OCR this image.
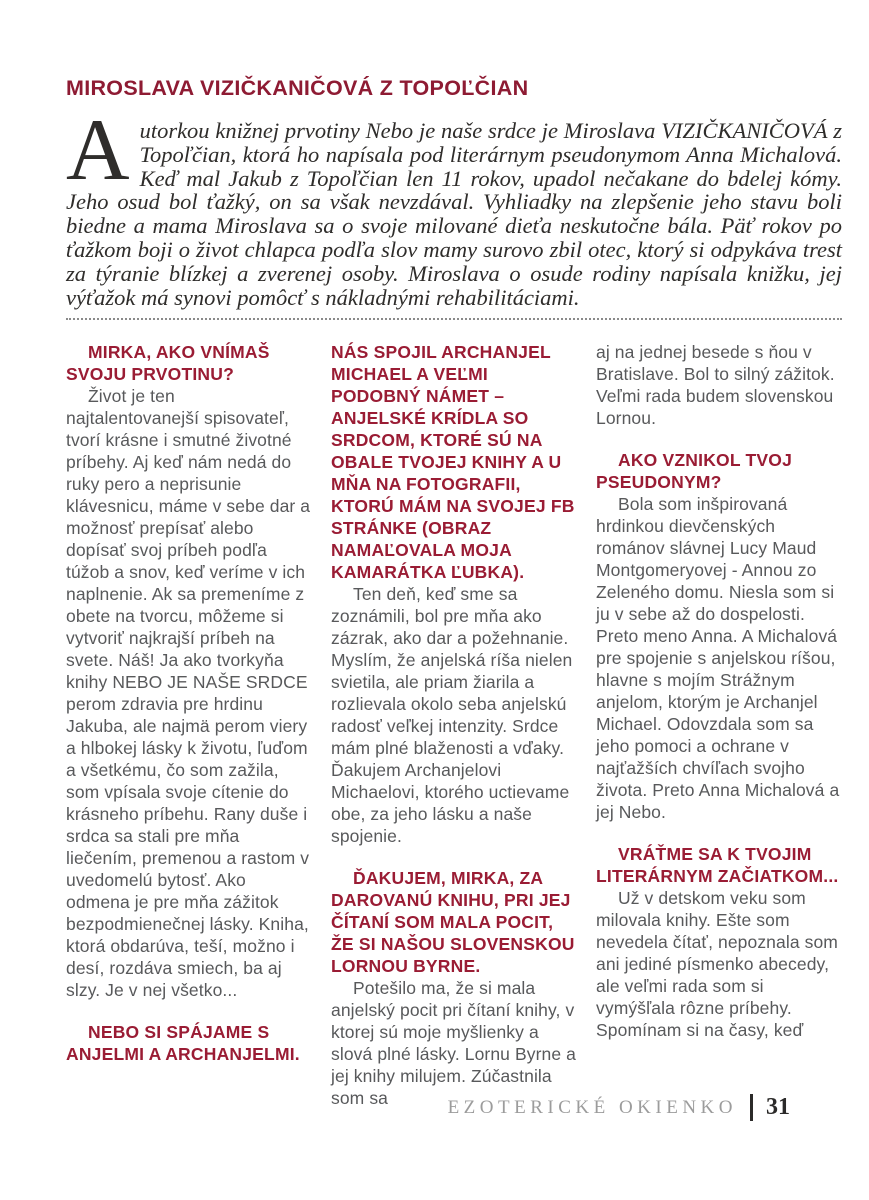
MIROSLAVA VIZIČKANIČOVÁ Z TOPOĽČIAN
Autorkou knižnej prvotiny Nebo je naše srdce je Miroslava VIZIČKANIČOVÁ z Topoľčian, ktorá ho napísala pod literárnym pseudonymom Anna Michalová. Keď mal Jakub z Topoľčian len 11 rokov, upadol nečakane do bdelej kómy. Jeho osud bol ťažký, on sa však nevzdával. Vyhliadky na zlepšenie jeho stavu boli biedne a mama Miroslava sa o svoje milované dieťa neskutočne bála. Päť rokov po ťažkom boji o život chlapca podľa slov mamy surovo zbil otec, ktorý si odpykáva trest za týranie blízkej a zverenej osoby. Miroslava o osude rodiny napísala knižku, jej výťažok má synovi pomôcť s nákladnými rehabilitáciami.
MIRKA, AKO VNÍMAŠ SVOJU PRVOTINU?

Život je ten najtalentovanejší spisovateľ, tvorí krásne i smutné životné príbehy. Aj keď nám nedá do ruky pero a neprisunie klávesnicu, máme v sebe dar a možnosť prepísať alebo dopísať svoj príbeh podľa túžob a snov, keď veríme v ich naplnenie. Ak sa premeníme z obete na tvorcu, môžeme si vytvoriť najkrajší príbeh na svete. Náš! Ja ako tvorkyňa knihy NEBO JE NAŠE SRDCE perom zdravia pre hrdinu Jakuba, ale najmä perom viery a hlbokej lásky k životu, ľuďom a všetkému, čo som zažila, som vpísala svoje cítenie do krásneho príbehu. Rany duše i srdca sa stali pre mňa liečením, premenou a rastom v uvedomelú bytosť. Ako odmena je pre mňa zážitok bezpodmienečnej lásky. Kniha, ktorá obdarúva, teší, možno i desí, rozdáva smiech, ba aj slzy. Je v nej všetko...

NEBO SI SPÁJAME S ANJELMI A ARCHANJELMI.
NÁS SPOJIL ARCHANJEL MICHAEL A VEĽMI PODOBNÝ NÁMET – ANJELSKÉ KRÍDLA SO SRDCOM, KTORÉ SÚ NA OBALE TVOJEJ KNIHY A U MŇA NA FOTOGRAFII, KTORÚ MÁM NA SVOJEJ FB STRÁNKE (OBRAZ NAMAĽOVALA MOJA KAMARÁTKA ĽUBKA).

Ten deň, keď sme sa zoznámili, bol pre mňa ako zázrak, ako dar a požehnanie. Myslím, že anjelská ríša nielen svietila, ale priam žiarila a rozlievala okolo seba anjelskú radosť veľkej intenzity. Srdce mám plné blaženosti a vďaky. Ďakujem Archanjelovi Michaelovi, ktorého uctievame obe, za jeho lásku a naše spojenie.

ĎAKUJEM, MIRKA, ZA DAROVANÚ KNIHU, PRI JEJ ČÍTANÍ SOM MALA POCIT, ŽE SI NAŠOU SLOVENSKOU LORNOU BYRNE.

Potešilo ma, že si mala anjelský pocit pri čítaní knihy, v ktorej sú moje myšlienky a slová plné lásky. Lornu Byrne a jej knihy milujem. Zúčastnila som sa

aj na jednej besede s ňou v Bratislave. Bol to silný zážitok. Veľmi rada budem slovenskou Lornou.

AKO VZNIKOL TVOJ PSEUDONYM?

Bola som inšpirovaná hrdinkou dievčenských románov slávnej Lucy Maud Montgomeryovej - Annou zo Zeleného domu. Niesla som si ju v sebe až do dospelosti. Preto meno Anna. A Michalová pre spojenie s anjelskou ríšou, hlavne s mojím Strážnym anjelom, ktorým je Archanjel Michael. Odovzdala som sa jeho pomoci a ochrane v najťažších chvíľach svojho života. Preto Anna Michalová a jej Nebo.

VRÁŤME SA K TVOJIM LITERÁRNYM ZAČIATKOM...

Už v detskom veku som milovala knihy. Ešte som nevedela čítať, nepoznala som ani jediné písmenko abecedy, ale veľmi rada som si vymýšľala rôzne príbehy. Spomínam si na časy, keď

EZOTERICKÉ OKIENKO 31
